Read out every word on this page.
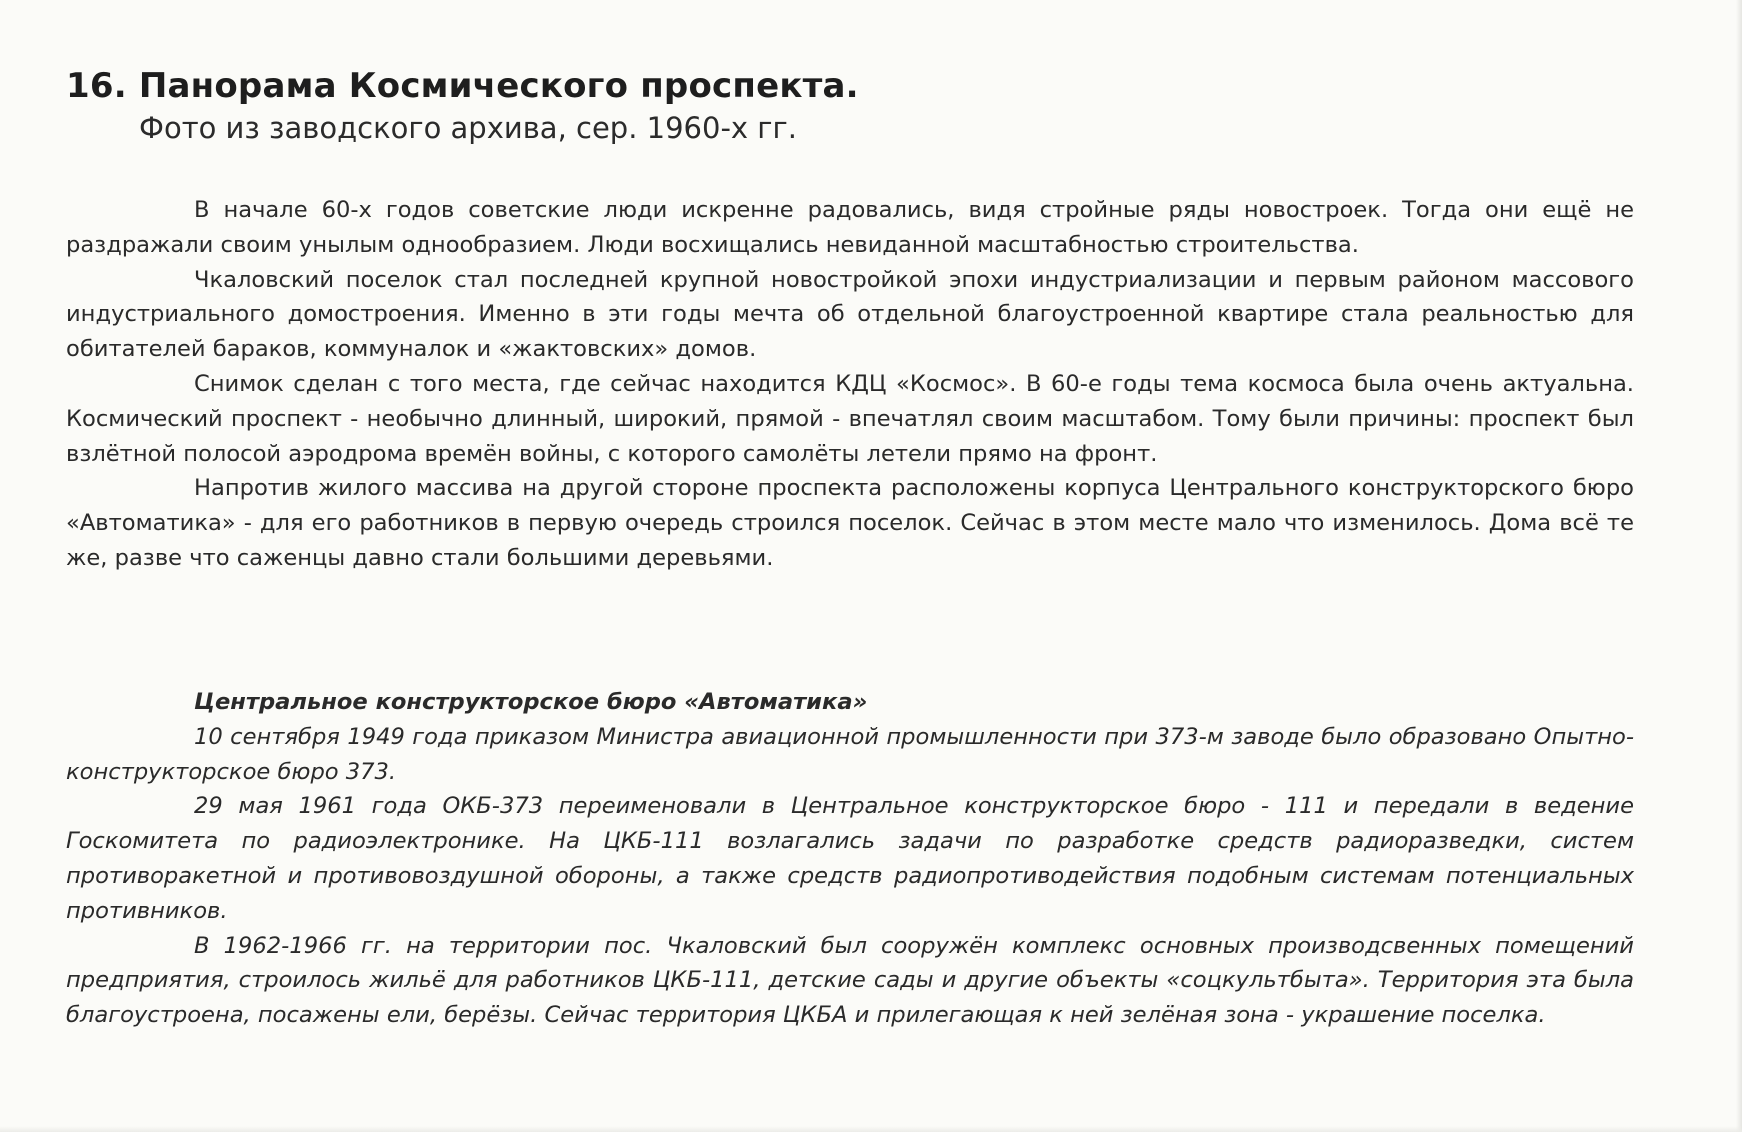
16. Панорама Космического проспекта.

Фото из заводского архива, сер. 1960-х гг.

В начале 60-х годов советские люди искренне радовались, видя стройные ряды новостроек. Тогда они ещё не раздражали своим унылым однообразием. Люди восхищались невиданной масштабностью строительства.

Чкаловский поселок стал последней крупной новостройкой эпохи индустриализации и первым районом массового индустриального домостроения. Именно в эти годы мечта об отдельной благоустроенной квартире стала реальностью для обитателей бараков, коммуналок и «жактовских» домов.

Снимок сделан с того места, где сейчас находится КДЦ «Космос». В 60-е годы тема космоса была очень актуальна. Космический проспект - необычно длинный, широкий, прямой - впечатлял своим масштабом. Тому были причины: проспект был взлётной полосой аэродрома времён войны, с которого самолёты летели прямо на фронт.

Напротив жилого массива на другой стороне проспекта расположены корпуса Центрального конструкторского бюро «Автоматика» - для его работников в первую очередь строился поселок. Сейчас в этом месте мало что изменилось. Дома всё те же, разве что саженцы давно стали большими деревьями.

Центральное конструкторское бюро «Автоматика»

10 сентября 1949 года приказом Министра авиационной промышленности при 373-м заводе было образовано Опытно-конструкторское бюро 373.

29 мая 1961 года ОКБ-373 переименовали в Центральное конструкторское бюро - 111 и передали в ведение Госкомитета по радиоэлектронике. На ЦКБ-111 возлагались задачи по разработке средств радиоразведки, систем противоракетной и противовоздушной обороны, а также средств радиопротиводействия подобным системам потенциальных противников.

В 1962-1966 гг. на территории пос. Чкаловский был сооружён комплекс основных производсвенных помещений предприятия, строилось жильё для работников ЦКБ-111, детские сады и другие объекты «соцкультбыта». Территория эта была благоустроена, посажены ели, берёзы. Сейчас территория ЦКБА и прилегающая к ней зелёная зона - украшение поселка.
